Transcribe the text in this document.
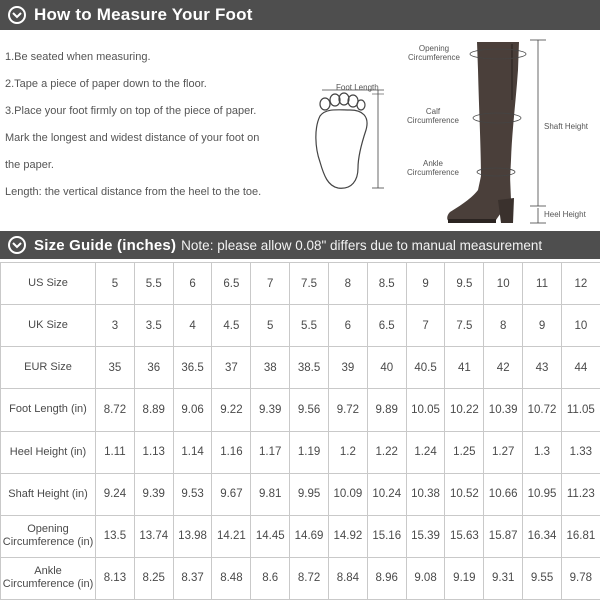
How to Measure Your Foot

1.Be seated when measuring.

2.Tape a piece of paper down to the floor.

3.Place your foot firmly on top of the piece of paper.

Mark the longest and widest distance of your foot on

the paper.

Length: the vertical distance from the heel to the toe.

Foot Length
Opening
Circumference
Calf
Circumference
Ankle
Circumference
Shaft Height
Heel Height
Size Guide (inches) Note: please allow 0.08" differs due to manual measurement
US Size	5	5.5	6	6.5	7	7.5	8	8.5	9	9.5	10	11	12

UK Size	3	3.5	4	4.5	5	5.5	6	6.5	7	7.5	8	9	10

EUR Size	35	36	36.5	37	38	38.5	39	40	40.5	41	42	43	44

Foot Length (in)	8.72	8.89	9.06	9.22	9.39	9.56	9.72	9.89	10.05	10.22	10.39	10.72	11.05

Heel Height (in)	1.11	1.13	1.14	1.16	1.17	1.19	1.2	1.22	1.24	1.25	1.27	1.3	1.33

Shaft Height (in)	9.24	9.39	9.53	9.67	9.81	9.95	10.09	10.24	10.38	10.52	10.66	10.95	11.23

Opening
Circumference (in)	13.5	13.74	13.98	14.21	14.45	14.69	14.92	15.16	15.39	15.63	15.87	16.34	16.81

Ankle
Circumference (in)	8.13	8.25	8.37	8.48	8.6	8.72	8.84	8.96	9.08	9.19	9.31	9.55	9.78
